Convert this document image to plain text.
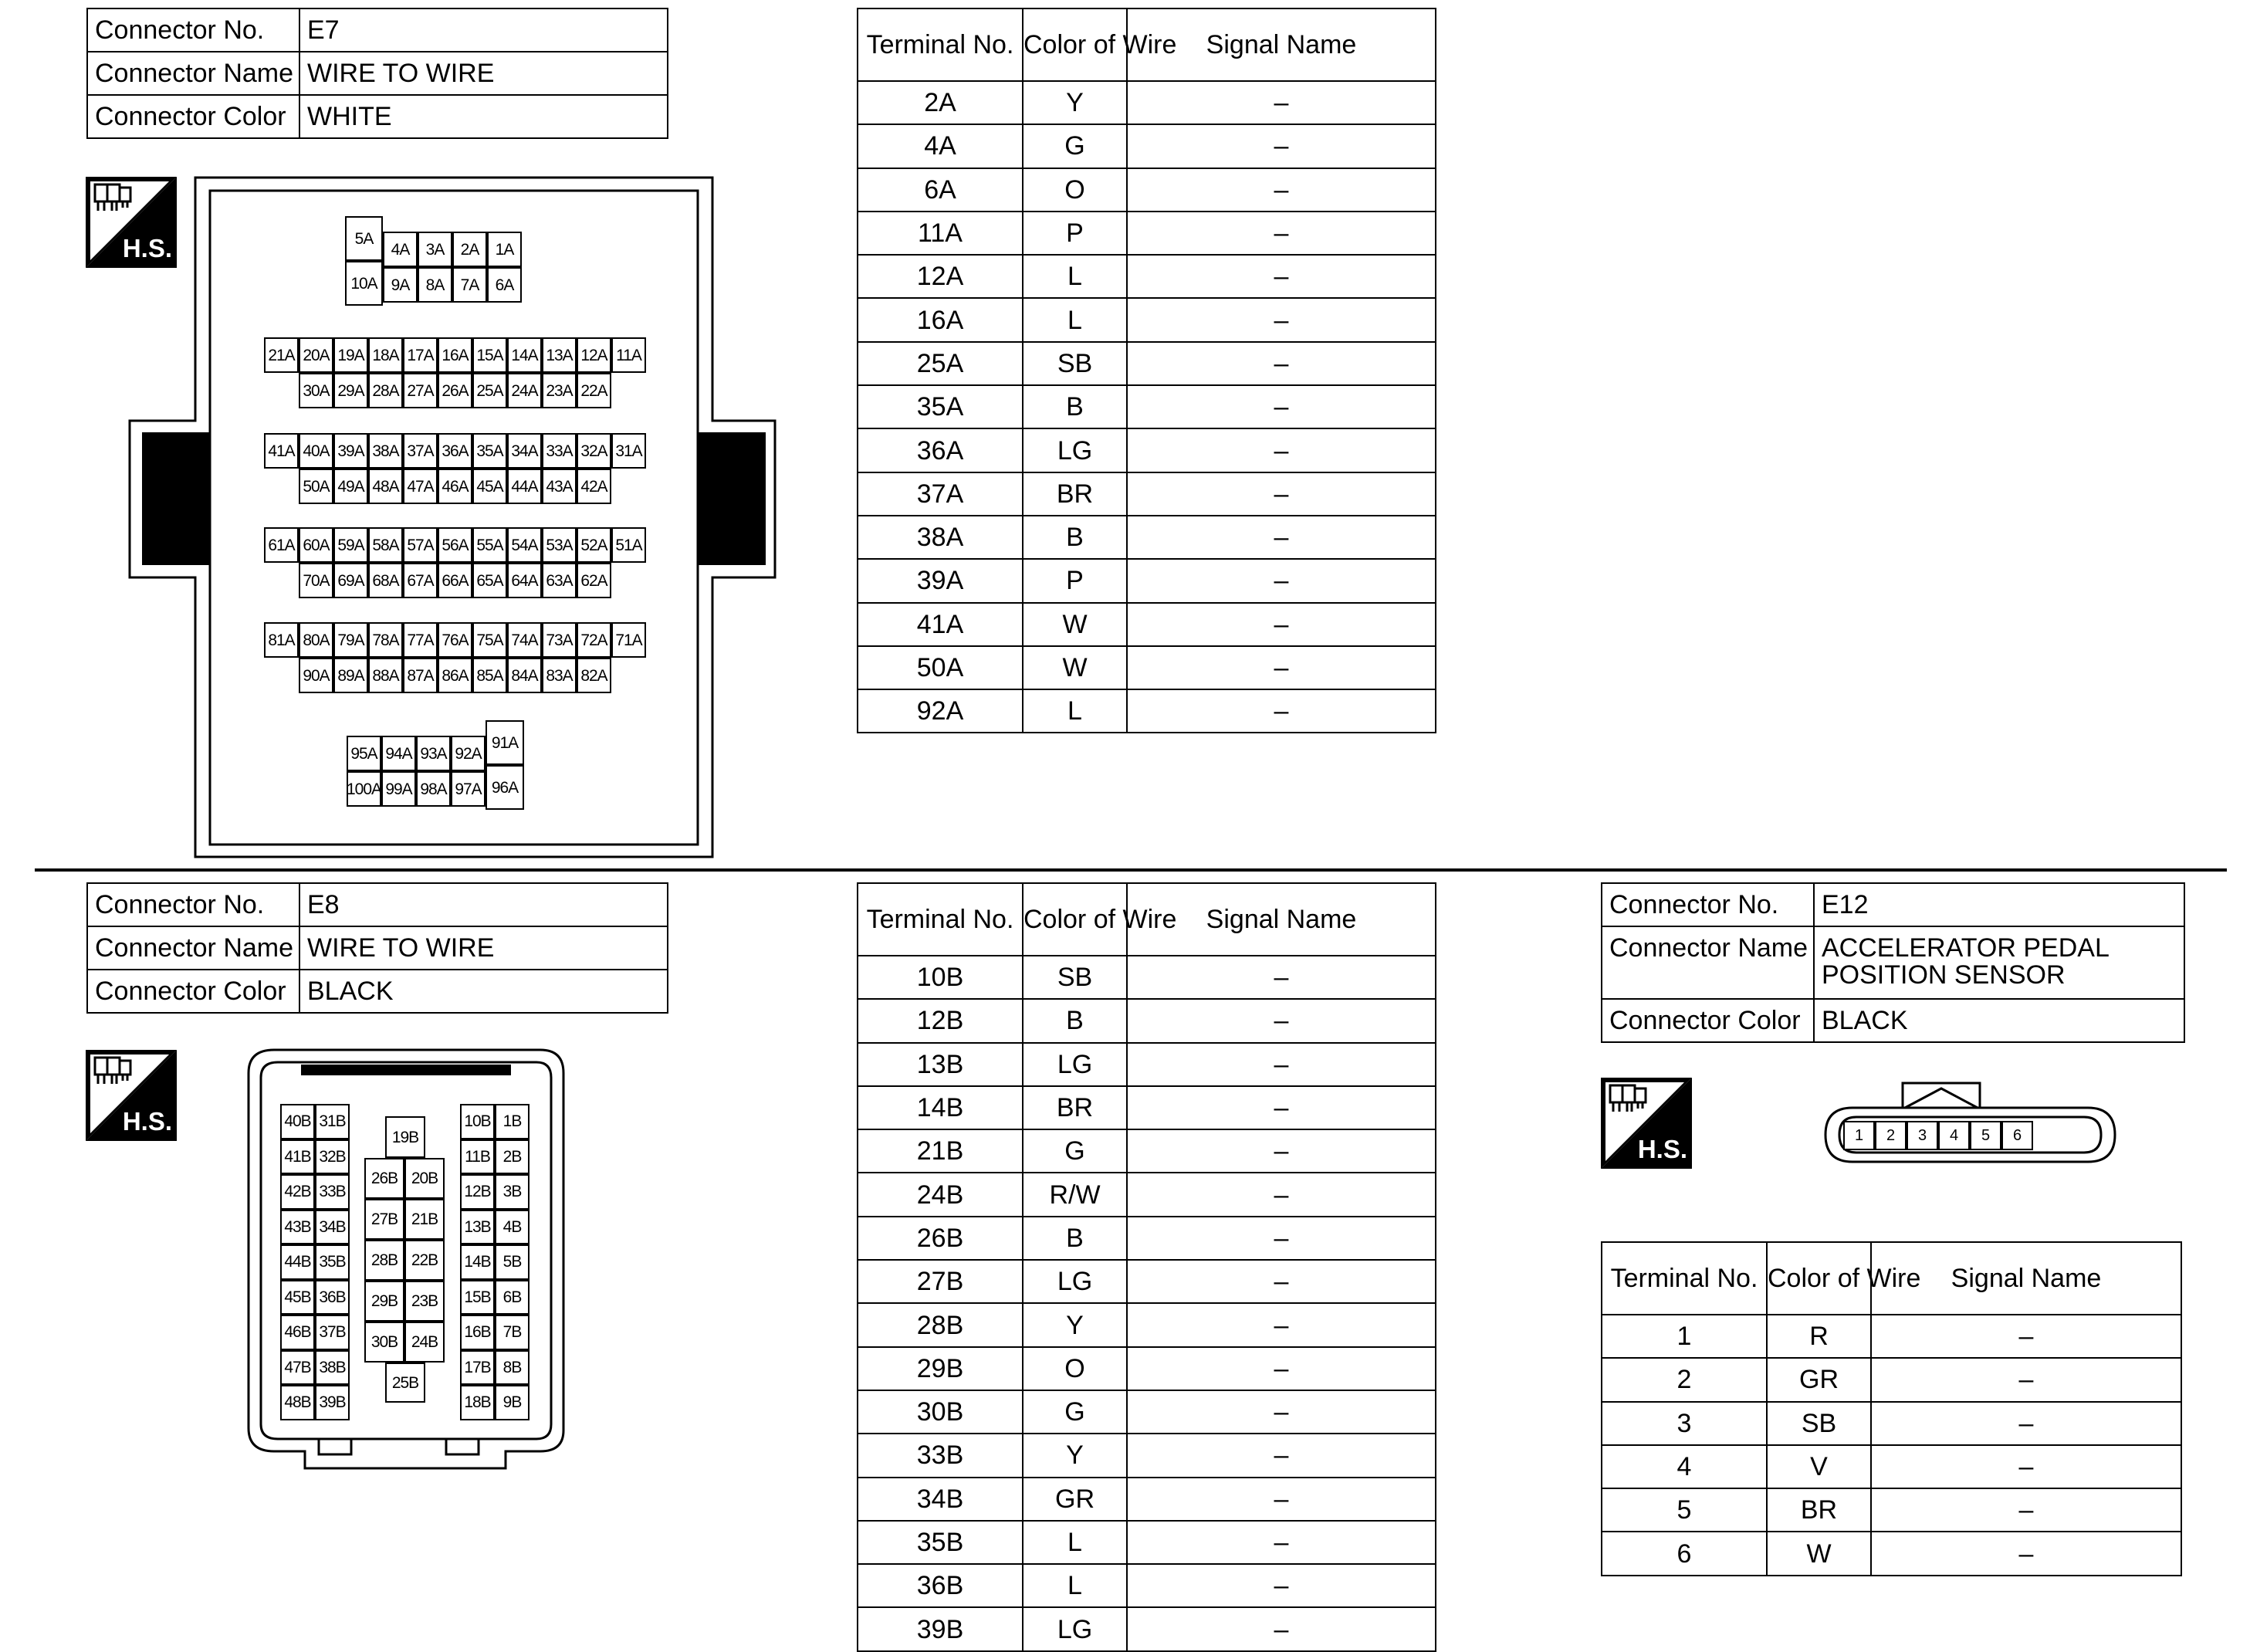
Connector No.	E7
Connector Name	WIRE TO WIRE
Connector Color	WHITE
H.S.	5A
10A
4A
9A
3A
8A
2A
7A
1A
6A
21A 20A 19A 18A 17A 16A 15A 14A 13A 12A 11A
30A 29A 28A 27A 26A 25A 24A 23A 22A
41A 40A 39A 38A 37A 36A 35A 34A 33A 32A 31A
50A 49A 48A 47A 46A 45A 44A 43A 42A
61A 60A 59A 58A 57A 56A 55A 54A 53A 52A 51A
70A 69A 68A 67A 66A 65A 64A 63A 62A
81A 80A 79A 78A 77A 76A 75A 74A 73A 72A 71A
90A 89A 88A 87A 86A 85A 84A 83A 82A
95A
100A
94A
99A
93A
98A
92A
97A
91A
96A
Terminal No.	Color of Wire	Signal Name
2A	Y	–
4A	G	–
6A	O	–
11A	P	–
12A	L	–
16A	L	–
25A	SB	–
35A	B	–
36A	LG	–
37A	BR	–
38A	B	–
39A	P	–
41A	W	–
50A	W	–
92A	L	–
Connector No.	E8
Connector Name	WIRE TO WIRE
Connector Color	BLACK
H.S.	40B 31B
41B 32B
42B 33B
43B 34B
44B 35B
45B 36B
46B 37B
47B 38B
48B 39B
10B 1B
11B 2B
12B 3B
13B 4B
14B 5B
15B 6B
16B 7B
17B 8B
18B 9B
19B
26B 20B
27B 21B
28B 22B
29B 23B
30B 24B
25B
Terminal No.	Color of Wire	Signal Name
10B	SB	–
12B	B	–
13B	LG	–
14B	BR	–
21B	G	–
24B	R/W	–
26B	B	–
27B	LG	–
28B	Y	–
29B	O	–
30B	G	–
33B	Y	–
34B	GR	–
35B	L	–
36B	L	–
39B	LG	–
Connector No.	E12
Connector Name	ACCELERATOR PEDAL
POSITION SENSOR
Connector Color	BLACK
H.S.	1	2	3	4	5	6
Terminal No.	Color of Wire	Signal Name
1	R	–
2	GR	–
3	SB	–
4	V	–
5	BR	–
6	W	–
